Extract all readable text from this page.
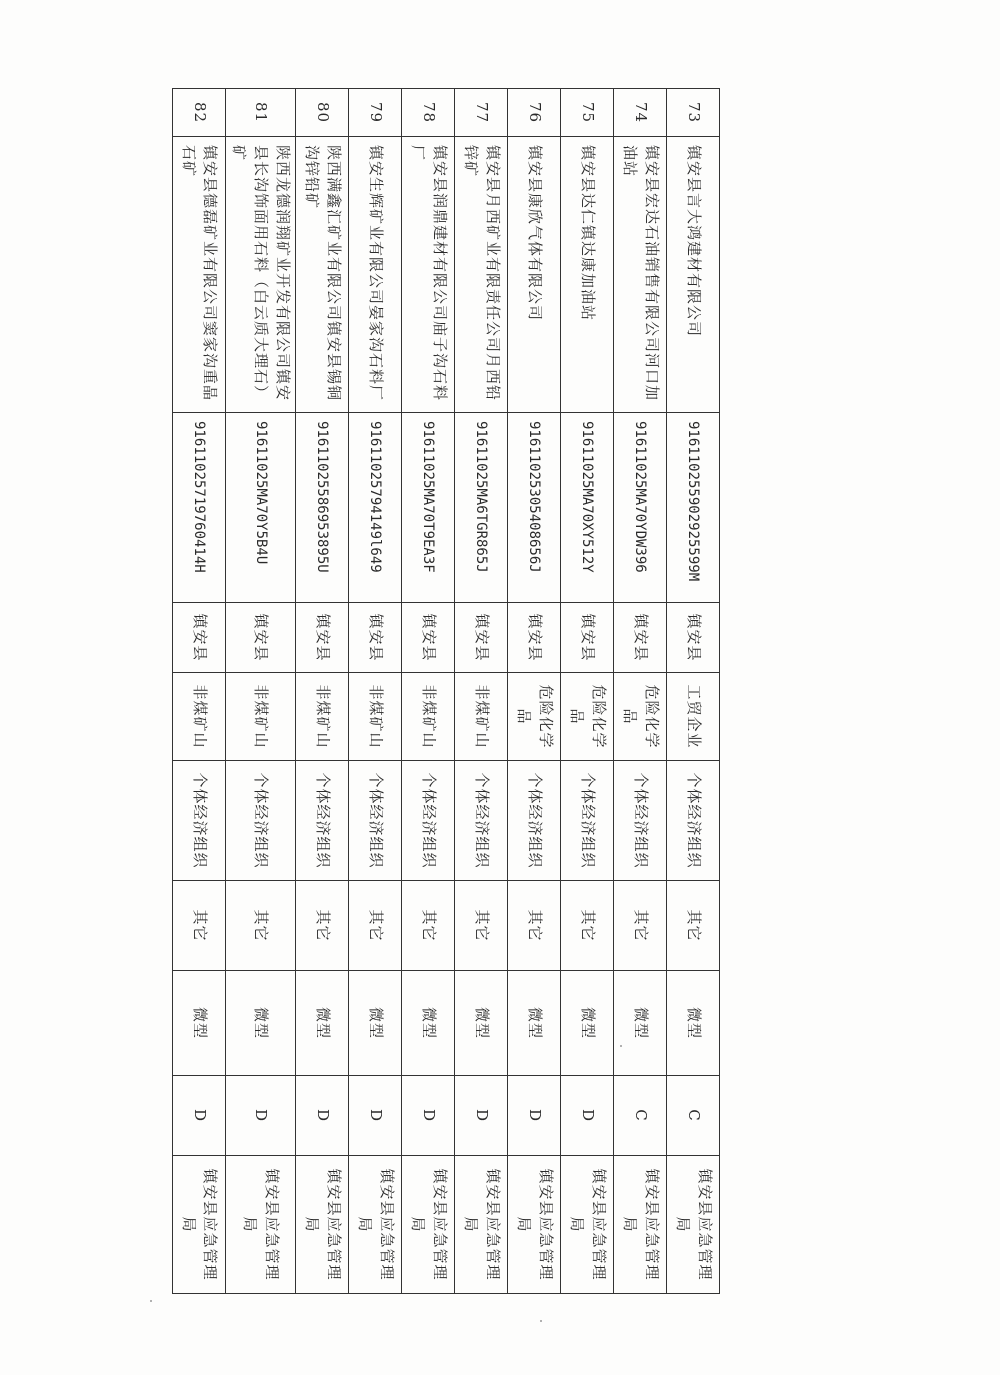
73	镇安县言大鸿建材有限公司	916110255902925599M	镇安县	工贸企业	个体经济组织	其它	微型	C	镇安县应急管理局
74	镇安县宏达石油销售有限公司河口加油站	91611025MA70YDW396	镇安县	危险化学品	个体经济组织	其它	微型	C	镇安县应急管理局
75	镇安县达仁镇达康加油站	91611025MA70XY512Y	镇安县	危险化学品	个体经济组织	其它	微型	D	镇安县应急管理局
76	镇安县康欣气体有限公司	91611025305408656J	镇安县	危险化学品	个体经济组织	其它	微型	D	镇安县应急管理局
77	镇安县月西矿业有限责任公司月西铅锌矿	91611025MA6TGR865J	镇安县	非煤矿山	个体经济组织	其它	微型	D	镇安县应急管理局
78	镇安县润鼎建材有限公司庙子沟石料厂	91611025MA70T9EA3F	镇安县	非煤矿山	个体经济组织	其它	微型	D	镇安县应急管理局
79	镇安生辉矿业有限公司晏家沟石料厂	91611025794149l649	镇安县	非煤矿山	个体经济组织	其它	微型	D	镇安县应急管理局
80	陕西满鑫汇矿业有限公司镇安县锡铜沟锌铅矿	91611025586953895U	镇安县	非煤矿山	个体经济组织	其它	微型	D	镇安县应急管理局
81	陕西龙德润翔矿业开发有限公司镇安县长沟饰面用石料（白云质大理石）矿	91611025MA70Y5B4U	镇安县	非煤矿山	个体经济组织	其它	微型	D	镇安县应急管理局
82	镇安县德磊矿业有限公司窦家沟重晶石矿	91611025719760414H	镇安县	非煤矿山	个体经济组织	其它	微型	D	镇安县应急管理局
